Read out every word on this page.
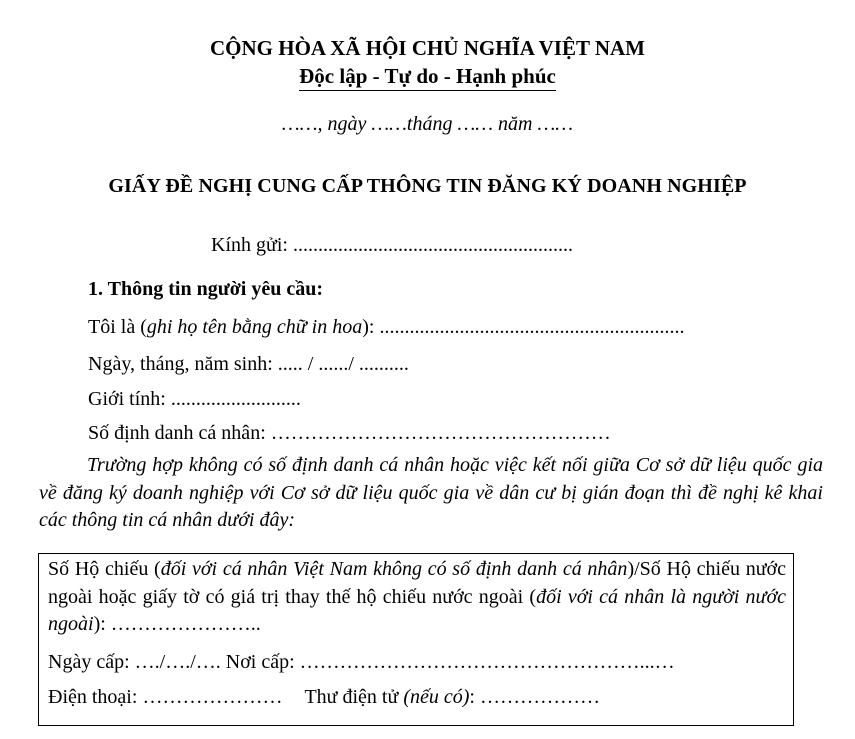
CỘNG HÒA XÃ HỘI CHỦ NGHĨA VIỆT NAM
Độc lập - Tự do - Hạnh phúc
……, ngày ……tháng …… năm ……
GIẤY ĐỀ NGHỊ CUNG CẤP THÔNG TIN ĐĂNG KÝ DOANH NGHIỆP
Kính gửi: ........................................................
1. Thông tin người yêu cầu:
Tôi là (ghi họ tên bằng chữ in hoa): .............................................................
Ngày, tháng, năm sinh: ..... / ....../ ..........
Giới tính: ..........................
Số định danh cá nhân: ……………………………………………
Trường hợp không có số định danh cá nhân hoặc việc kết nối giữa Cơ sở dữ liệu quốc gia về đăng ký doanh nghiệp với Cơ sở dữ liệu quốc gia về dân cư bị gián đoạn thì đề nghị kê khai các thông tin cá nhân dưới đây:
Số Hộ chiếu (đối với cá nhân Việt Nam không có số định danh cá nhân)/Số Hộ chiếu nước ngoài hoặc giấy tờ có giá trị thay thế hộ chiếu nước ngoài (đối với cá nhân là người nước ngoài): …………………..
Ngày cấp: …./…./…. Nơi cấp: ……………………………………………...…
Điện thoại: ………………… Thư điện tử (nếu có): ………………
